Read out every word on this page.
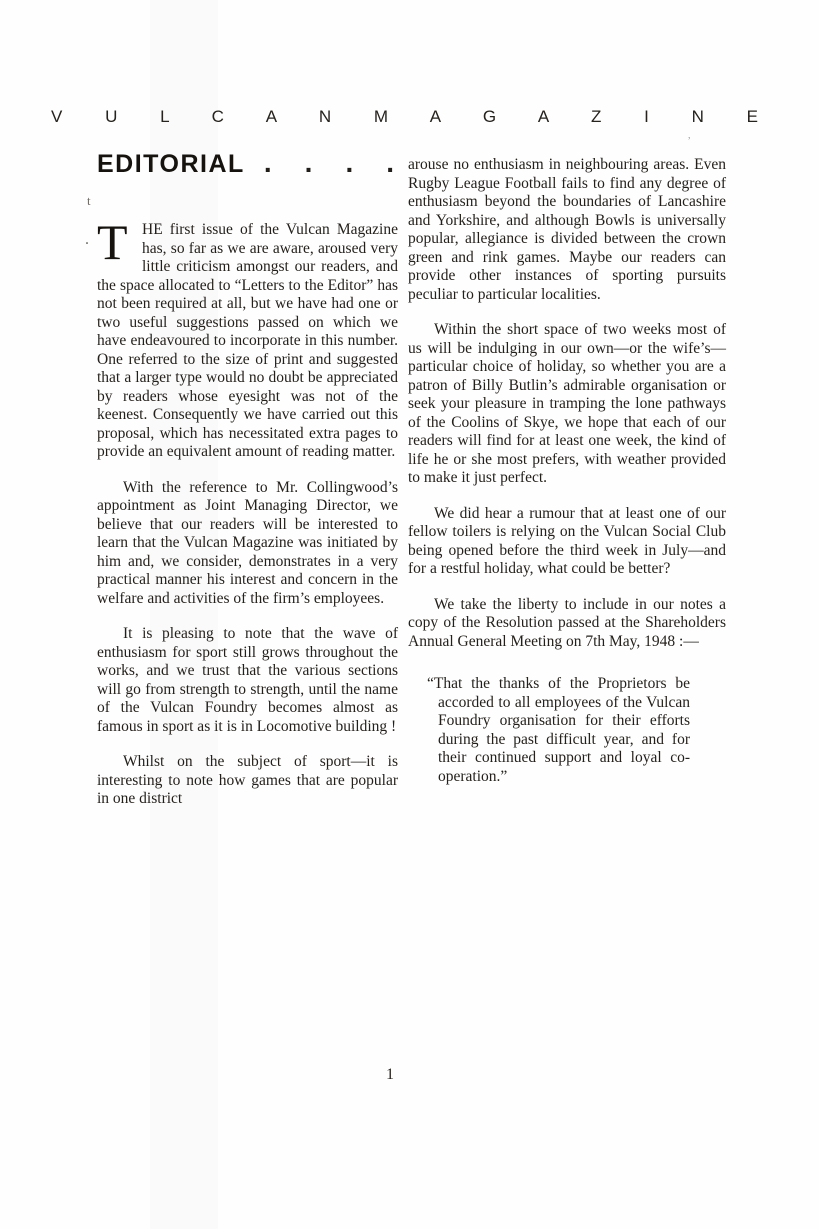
V U L C A N M A G A Z I N E
t
.
,
EDITORIAL . . . .

THE first issue of the Vulcan Magazine has, so far as we are aware, aroused very little criticism amongst our readers, and the space allocated to “Letters to the Editor” has not been required at all, but we have had one or two useful suggestions passed on which we have endeavoured to incorporate in this number. One referred to the size of print and suggested that a larger type would no doubt be appreciated by readers whose eyesight was not of the keenest. Consequently we have carried out this proposal, which has necessitated extra pages to provide an equivalent amount of reading matter.

With the reference to Mr. Collingwood’s appointment as Joint Managing Director, we believe that our readers will be interested to learn that the Vulcan Magazine was initiated by him and, we consider, demonstrates in a very practical manner his interest and concern in the welfare and activities of the firm’s employees.

It is pleasing to note that the wave of enthusiasm for sport still grows throughout the works, and we trust that the various sections will go from strength to strength, until the name of the Vulcan Foundry becomes almost as famous in sport as it is in Locomotive building !

Whilst on the subject of sport—it is interesting to note how games that are popular in one district

arouse no enthusiasm in neighbouring areas. Even Rugby League Football fails to find any degree of enthusiasm beyond the boundaries of Lancashire and Yorkshire, and although Bowls is universally popular, allegiance is divided between the crown green and rink games. Maybe our readers can provide other instances of sporting pursuits peculiar to particular localities.

Within the short space of two weeks most of us will be indulging in our own—or the wife’s—particular choice of holiday, so whether you are a patron of Billy Butlin’s admirable organisation or seek your pleasure in tramping the lone pathways of the Coolins of Skye, we hope that each of our readers will find for at least one week, the kind of life he or she most prefers, with weather provided to make it just perfect.

We did hear a rumour that at least one of our fellow toilers is relying on the Vulcan Social Club being opened before the third week in July—and for a restful holiday, what could be better?

We take the liberty to include in our notes a copy of the Resolution passed at the Shareholders Annual General Meeting on 7th May, 1948 :—

“That the thanks of the Proprietors be accorded to all employees of the Vulcan Foundry organisation for their efforts during the past difficult year, and for their continued support and loyal co-operation.”

1
